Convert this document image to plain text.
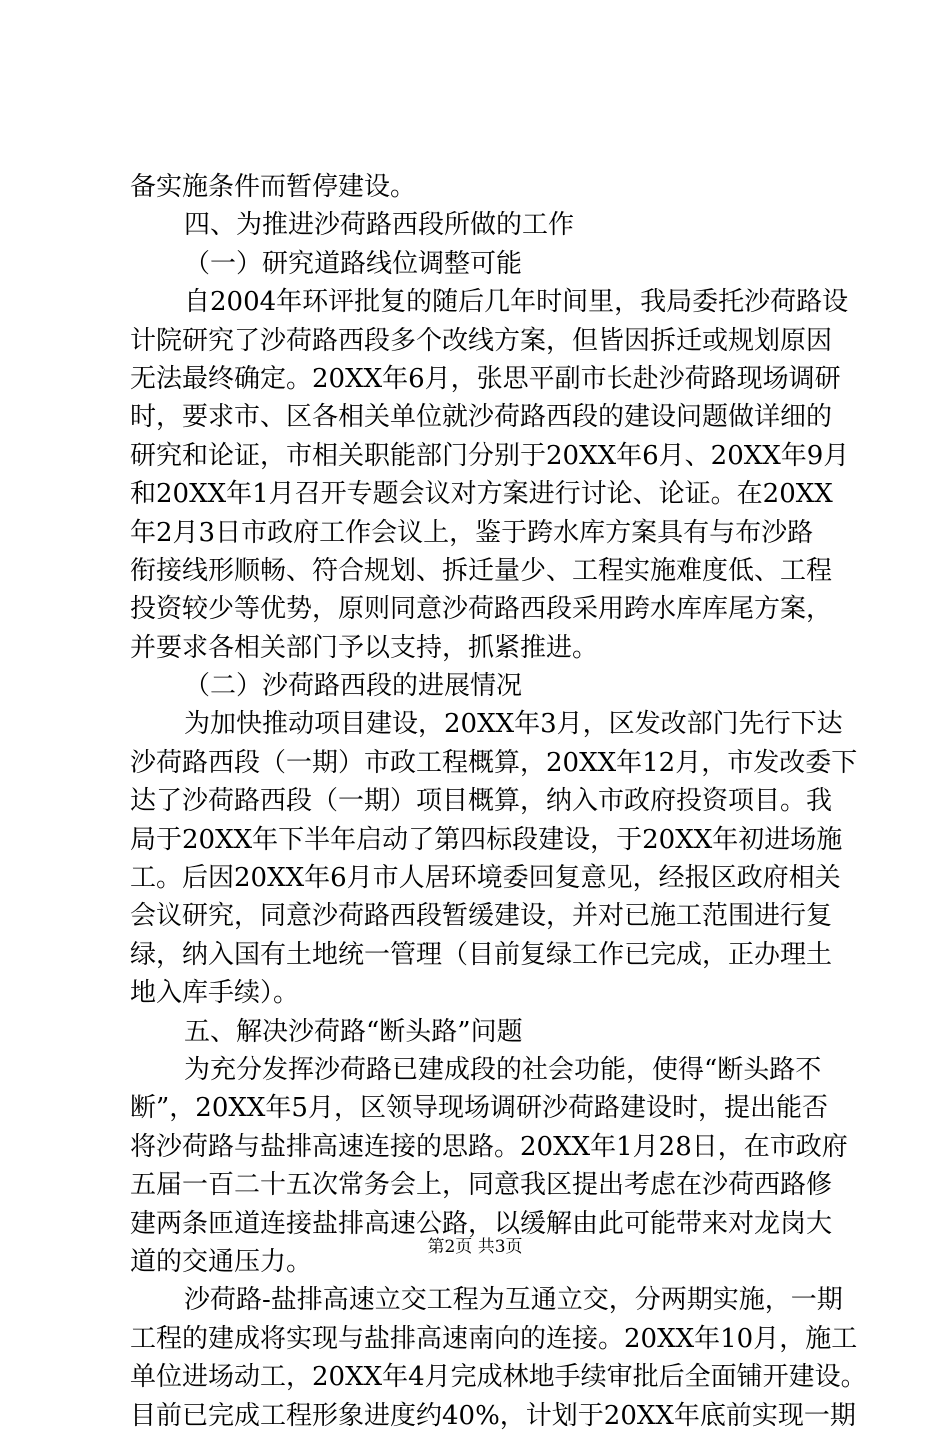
备实施条件而暂停建设。
四、为推进沙荷路西段所做的工作
（一）研究道路线位调整可能
自2004年环评批复的随后几年时间里，我局委托沙荷路设
计院研究了沙荷路西段多个改线方案，但皆因拆迁或规划原因
无法最终确定。20XX年6月，张思平副市长赴沙荷路现场调研
时，要求市、区各相关单位就沙荷路西段的建设问题做详细的
研究和论证，市相关职能部门分别于20XX年6月、20XX年9月
和20XX年1月召开专题会议对方案进行讨论、论证。在20XX
年2月3日市政府工作会议上，鉴于跨水库方案具有与布沙路
衔接线形顺畅、符合规划、拆迁量少、工程实施难度低、工程
投资较少等优势，原则同意沙荷路西段采用跨水库库尾方案，
并要求各相关部门予以支持，抓紧推进。
（二）沙荷路西段的进展情况
为加快推动项目建设，20XX年3月，区发改部门先行下达
沙荷路西段（一期）市政工程概算，20XX年12月，市发改委下
达了沙荷路西段（一期）项目概算，纳入市政府投资项目。我
局于20XX年下半年启动了第四标段建设，于20XX年初进场施
工。后因20XX年6月市人居环境委回复意见，经报区政府相关
会议研究，同意沙荷路西段暂缓建设，并对已施工范围进行复
绿，纳入国有土地统一管理（目前复绿工作已完成，正办理土
地入库手续）。
五、解决沙荷路“断头路”问题
为充分发挥沙荷路已建成段的社会功能，使得“断头路不
断”，20XX年5月，区领导现场调研沙荷路建设时，提出能否
将沙荷路与盐排高速连接的思路。20XX年1月28日，在市政府
五届一百二十五次常务会上，同意我区提出考虑在沙荷西路修
建两条匝道连接盐排高速公路，以缓解由此可能带来对龙岗大
道的交通压力。
沙荷路-盐排高速立交工程为互通立交，分两期实施，一期
工程的建成将实现与盐排高速南向的连接。20XX年10月，施工
单位进场动工，20XX年4月完成林地手续审批后全面铺开建设。
目前已完成工程形象进度约40%，计划于20XX年底前实现一期
第2页 共3页
